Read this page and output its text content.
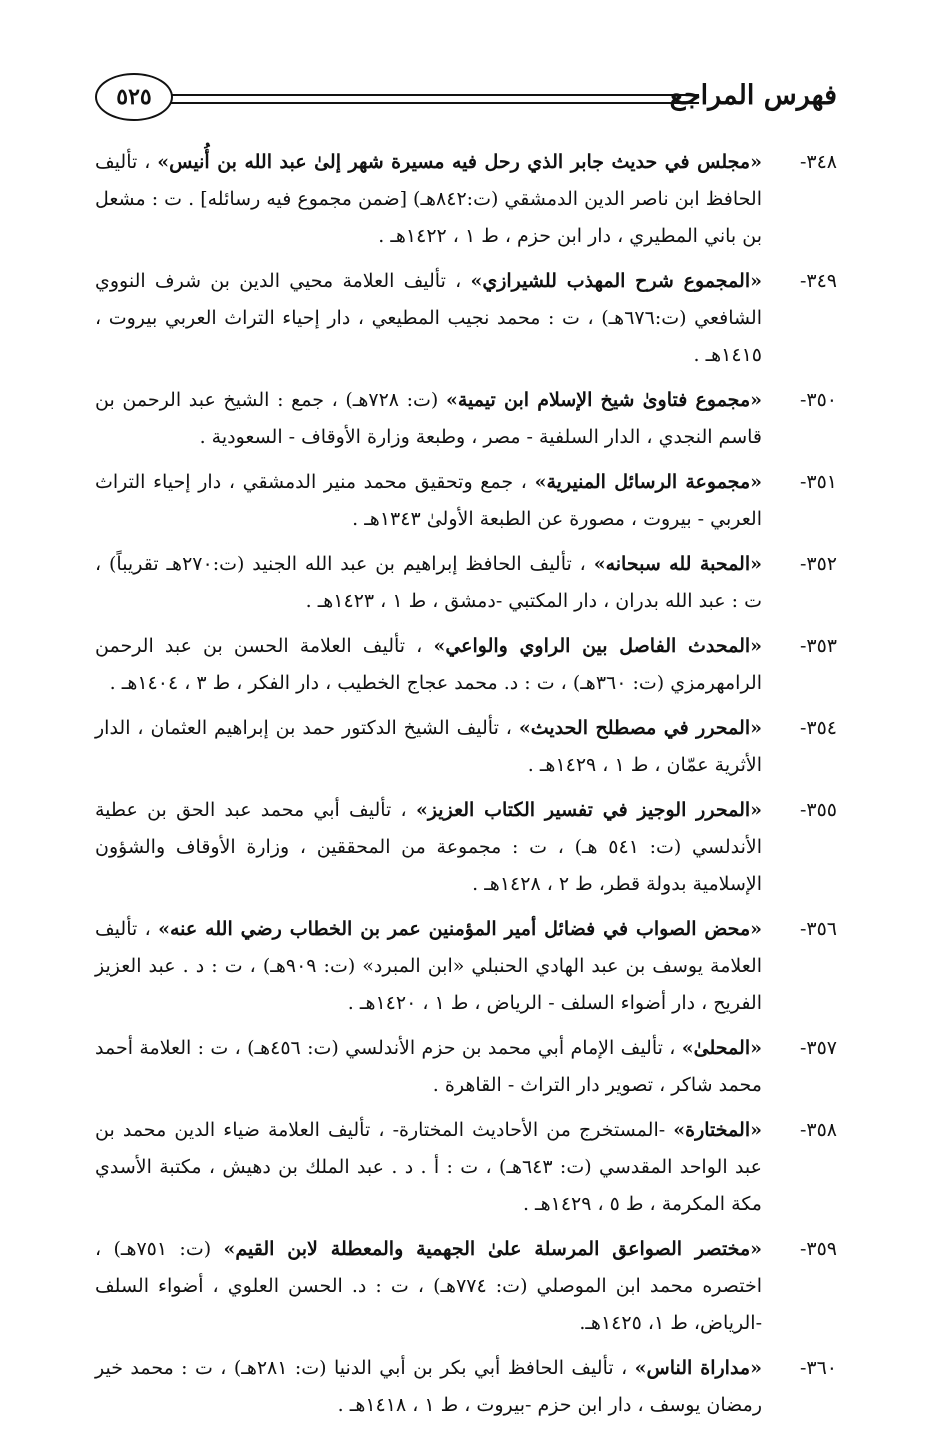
فهرس المراجع
٥٢٥
٣٤٨-
«مجلس في حديث جابر الذي رحل فيه مسيرة شهر إلىٰ عبد الله بن أُنيس» ، تأليف الحافظ ابن ناصر الدين الدمشقي (ت:٨٤٢هـ) [ضمن مجموع فيه رسائله] . ت : مشعل بن باني المطيري ، دار ابن حزم ، ط ١ ، ١٤٢٢هـ .
٣٤٩-
«المجموع شرح المهذب للشيرازي» ، تأليف العلامة محيي الدين بن شرف النووي الشافعي (ت:٦٧٦هـ) ، ت : محمد نجيب المطيعي ، دار إحياء التراث العربي بيروت ، ١٤١٥هـ .
٣٥٠-
«مجموع فتاوىٰ شيخ الإسلام ابن تيمية» (ت: ٧٢٨هـ) ، جمع : الشيخ عبد الرحمن بن قاسم النجدي ، الدار السلفية - مصر ، وطبعة وزارة الأوقاف - السعودية .
٣٥١-
«مجموعة الرسائل المنيرية» ، جمع وتحقيق محمد منير الدمشقي ، دار إحياء التراث العربي - بيروت ، مصورة عن الطبعة الأولىٰ ١٣٤٣هـ .
٣٥٢-
«المحبة لله سبحانه» ، تأليف الحافظ إبراهيم بن عبد الله الجنيد (ت:٢٧٠هـ تقريباً) ، ت : عبد الله بدران ، دار المكتبي -دمشق ، ط ١ ، ١٤٢٣هـ .
٣٥٣-
«المحدث الفاصل بين الراوي والواعي» ، تأليف العلامة الحسن بن عبد الرحمن الرامهرمزي (ت: ٣٦٠هـ) ، ت : د. محمد عجاج الخطيب ، دار الفكر ، ط ٣ ، ١٤٠٤هـ .
٣٥٤-
«المحرر في مصطلح الحديث» ، تأليف الشيخ الدكتور حمد بن إبراهيم العثمان ، الدار الأثرية عمّان ، ط ١ ، ١٤٢٩هـ .
٣٥٥-
«المحرر الوجيز في تفسير الكتاب العزيز» ، تأليف أبي محمد عبد الحق بن عطية الأندلسي (ت: ٥٤١ هـ) ، ت : مجموعة من المحققين ، وزارة الأوقاف والشؤون الإسلامية بدولة قطر، ط ٢ ، ١٤٢٨هـ .
٣٥٦-
«محض الصواب في فضائل أمير المؤمنين عمر بن الخطاب رضي الله عنه» ، تأليف العلامة يوسف بن عبد الهادي الحنبلي «ابن المبرد» (ت: ٩٠٩هـ) ، ت : د . عبد العزيز الفريح ، دار أضواء السلف - الرياض ، ط ١ ، ١٤٢٠هـ .
٣٥٧-
«المحلىٰ» ، تأليف الإمام أبي محمد بن حزم الأندلسي (ت: ٤٥٦هـ) ، ت : العلامة أحمد محمد شاكر ، تصوير دار التراث - القاهرة .
٣٥٨-
«المختارة» -المستخرج من الأحاديث المختارة- ، تأليف العلامة ضياء الدين محمد بن عبد الواحد المقدسي (ت: ٦٤٣هـ) ، ت : أ . د . عبد الملك بن دهيش ، مكتبة الأسدي مكة المكرمة ، ط ٥ ، ١٤٢٩هـ .
٣٥٩-
«مختصر الصواعق المرسلة علىٰ الجهمية والمعطلة لابن القيم» (ت: ٧٥١هـ) ، اختصره محمد ابن الموصلي (ت: ٧٧٤هـ) ، ت : د. الحسن العلوي ، أضواء السلف -الرياض، ط ١، ١٤٢٥هـ.
٣٦٠-
«مداراة الناس» ، تأليف الحافظ أبي بكر بن أبي الدنيا (ت: ٢٨١هـ) ، ت : محمد خير رمضان يوسف ، دار ابن حزم -بيروت ، ط ١ ، ١٤١٨هـ .
